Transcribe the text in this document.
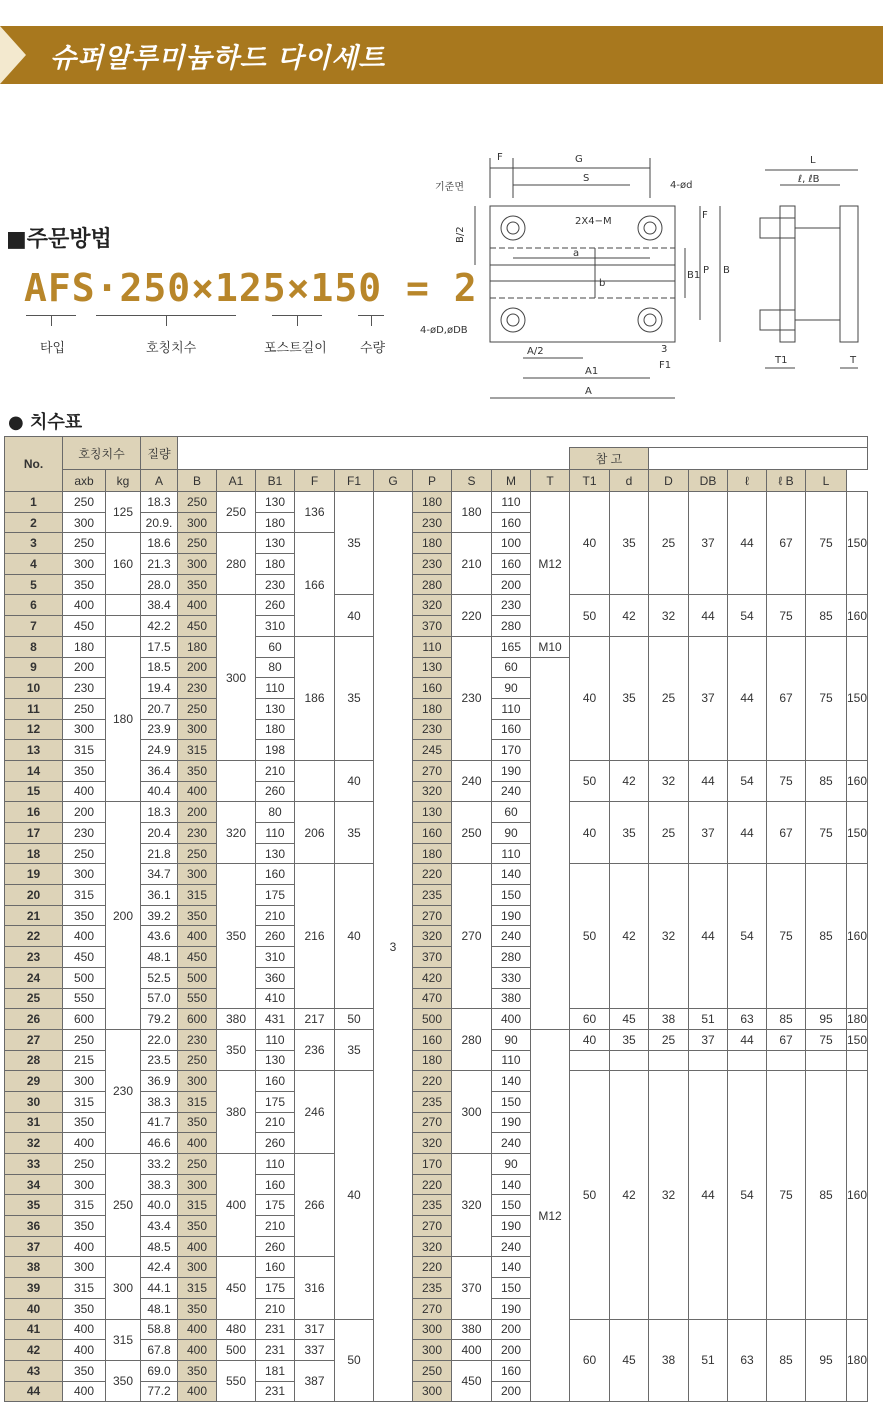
슈퍼알루미늄하드 다이세트
■주문방법
AFS·250×125×150 = 2
타입	호칭치수	포스트길이	수량
F	G
S
4-ød
기준면
2X4−M
B/2
a
b
B1 P B
F
4-øD,øDB
A/2	3
F1
A1
A
L
ℓ, ℓB
T1	T
● 치수표
No.	호칭치수		질량																		
														참 고							
	axb	kg	A	B	A1	B1	F	F1	G	P	S	M	T	T1	d	D	DB	ℓ	ℓ B	L	
1	250	125	18.3	250	250	130	136	35	3	180	180	110	M12	40	35	25	37	44	67	75	150
2	300		20.9.	300		180				230		160									
3	250	160	18.6	250	280	130	166			180	210	100									
4	300		21.3	300		180				230		160									
5	350		28.0	350		230				280		200									
6	400		38.4	400	300	260		40		320	220	230		50	42	32	44	54	75	85	160
7	450		42.2	450		310				370		280									
8	180	180	17.5	180		60	186	35		110	230	165	M10	40	35	25	37	44	67	75	150
9	200		18.5	200		80				130		60									
10	230		19.4	230		110				160		90									
11	250		20.7	250		130				180		110									
12	300		23.9	300		180				230		160									
13	315		24.9	315		198				245		170									
14	350		36.4	350		210		40		270	240	190		50	42	32	44	54	75	85	160
15	400		40.4	400		260				320		240									
16	200	200	18.3	200	320	80	206	35		130	250	60		40	35	25	37	44	67	75	150
17	230		20.4	230		110				160		90									
18	250		21.8	250		130				180		110									
19	300		34.7	300	350	160	216	40		220	270	140		50	42	32	44	54	75	85	160
20	315		36.1	315		175				235		150									
21	350		39.2	350		210				270		190									
22	400		43.6	400		260				320		240									
23	450		48.1	450		310				370		280									
24	500		52.5	500		360				420		330									
25	550		57.0	550		410				470		380									
26	600		79.2	600	380	431	217	50		500	280	400		60	45	38	51	63	85	95	180
27	250	230	22.0	230	350	110	236	35		160		90	M12	40	35	25	37	44	67	75	150
28	215		23.5	250		130				180		110									
29	300		36.9	300	380	160	246	40		220	300	140		50	42	32	44	54	75	85	160
30	315		38.3	315		175				235		150									
31	350		41.7	350		210				270		190									
32	400		46.6	400		260				320		240									
33	250	250	33.2	250	400	110	266			170	320	90									
34	300		38.3	300		160				220		140									
35	315		40.0	315		175				235		150									
36	350		43.4	350		210				270		190									
37	400		48.5	400		260				320		240									
38	300	300	42.4	300	450	160	316			220	370	140									
39	315		44.1	315		175				235		150									
40	350		48.1	350		210				270		190									
41	400	315	58.8	400	480	231	317	50		300	380	200		60	45	38	51	63	85	95	180
42	400		67.8	400	500	231	337			300	400	200									
43	350	350	69.0	350	550	181	387			250	450	160									
44	400		77.2	400		231				300		200									
